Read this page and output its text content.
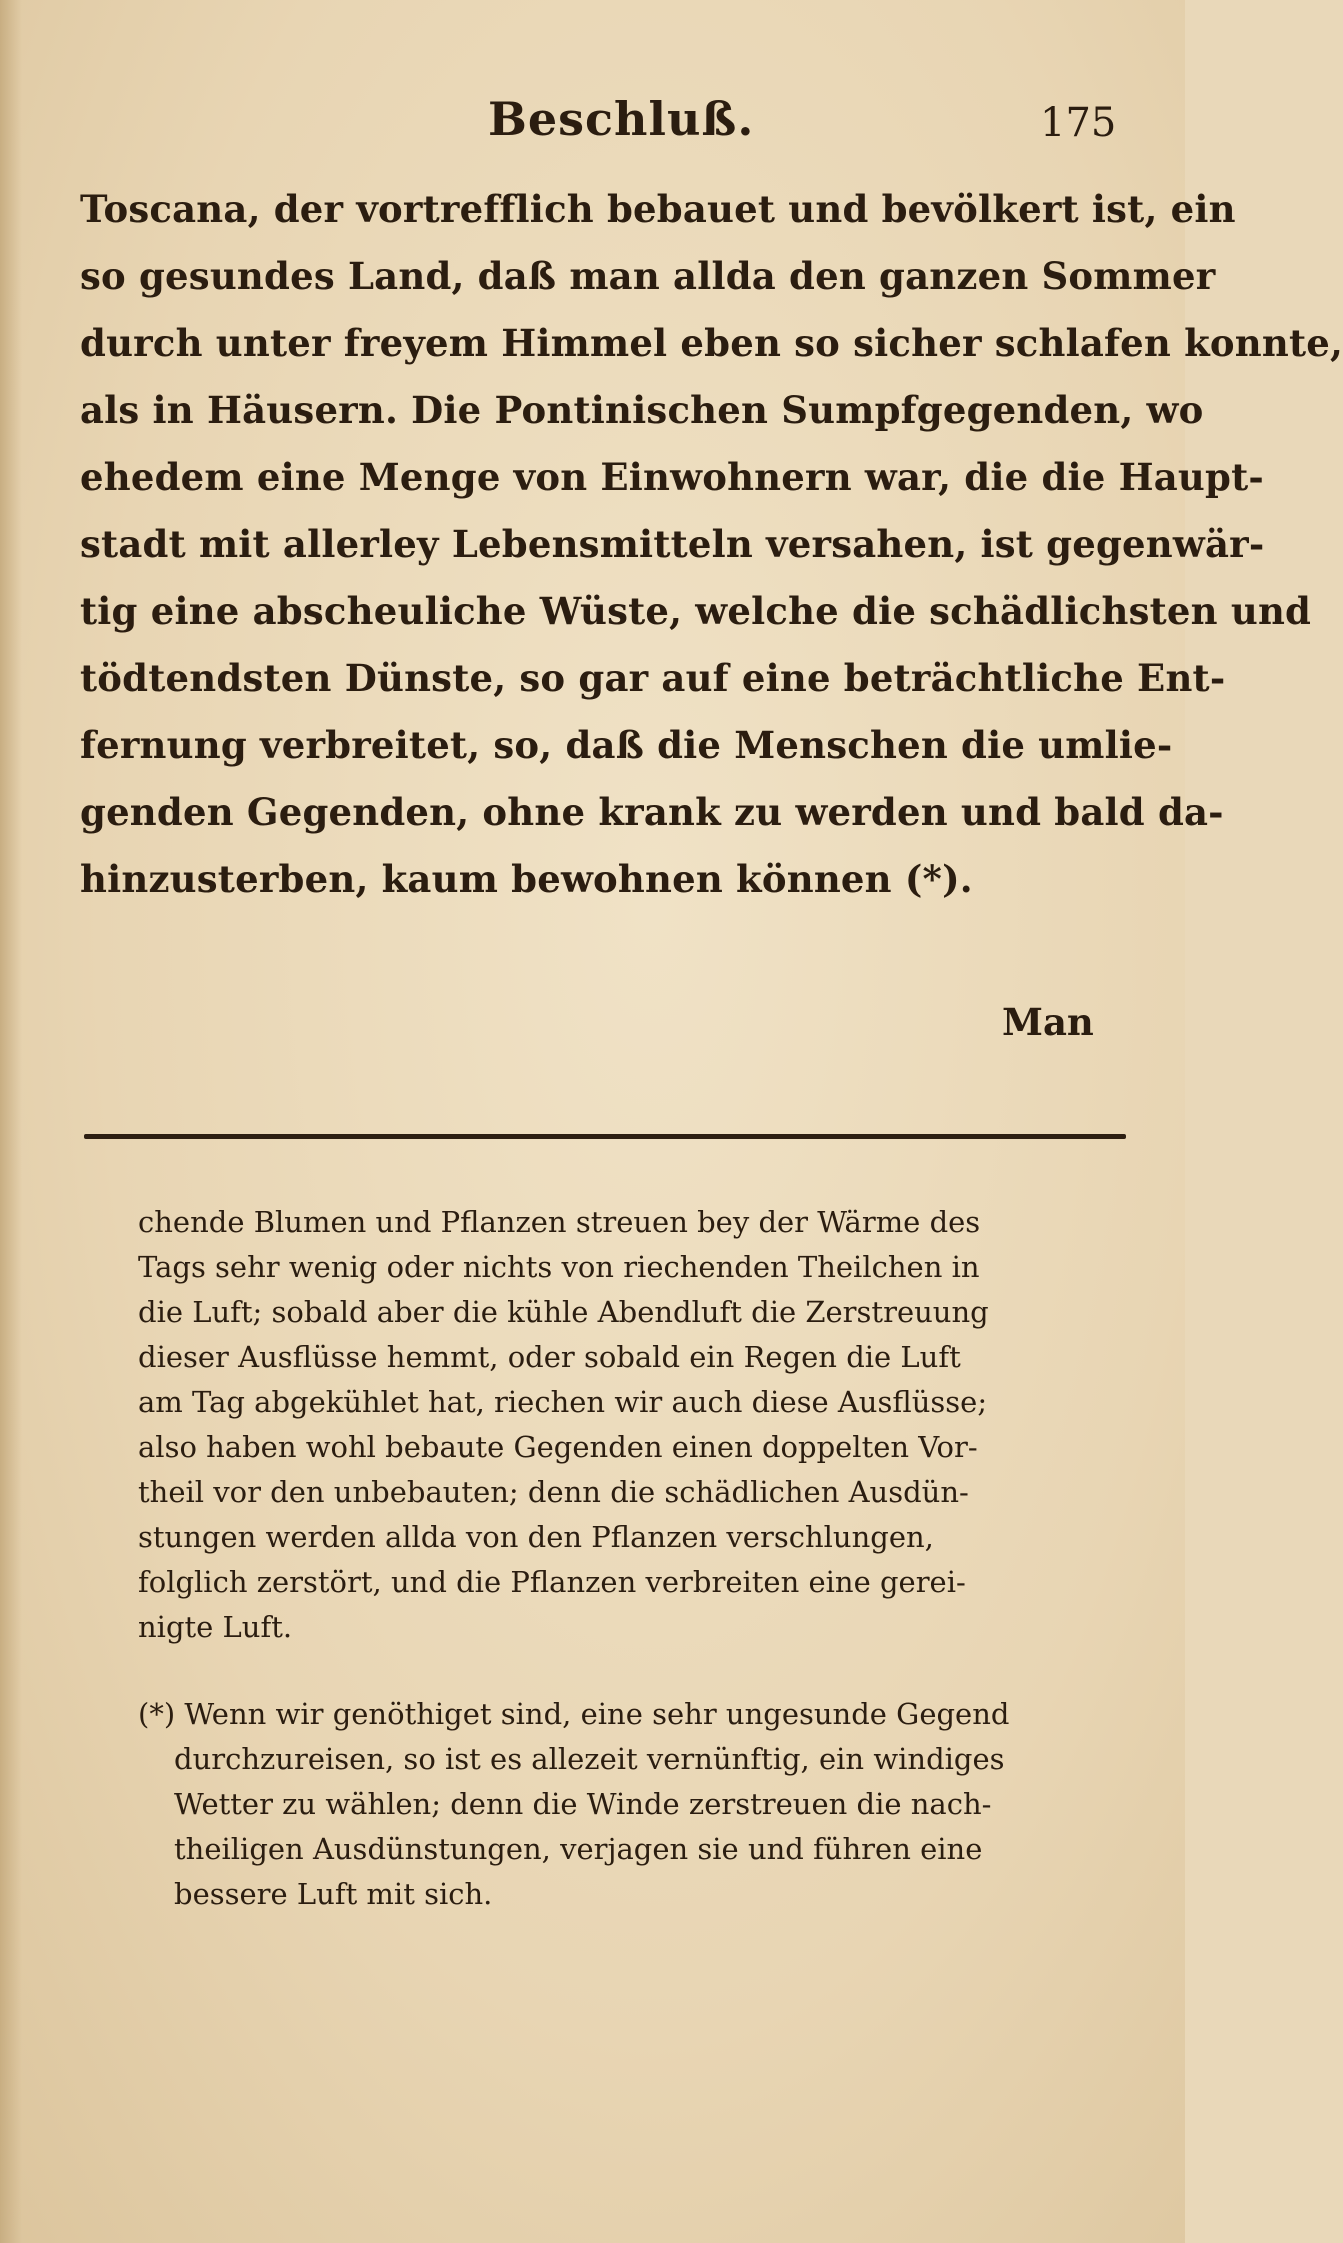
Beschluß.	175
Toscana, der vortrefflich bebauet und bevölkert ist, ein
so gesundes Land, daß man allda den ganzen Sommer
durch unter freyem Himmel eben so sicher schlafen konnte,
als in Häusern. Die Pontinischen Sumpfgegenden, wo
ehedem eine Menge von Einwohnern war, die die Haupt-
stadt mit allerley Lebensmitteln versahen, ist gegenwär-
tig eine abscheuliche Wüste, welche die schädlichsten und
tödtendsten Dünste, so gar auf eine beträchtliche Ent-
fernung verbreitet, so, daß die Menschen die umlie-
genden Gegenden, ohne krank zu werden und bald da-
hinzusterben, kaum bewohnen können (*).
Man
chende Blumen und Pflanzen streuen bey der Wärme des
Tags sehr wenig oder nichts von riechenden Theilchen in
die Luft; sobald aber die kühle Abendluft die Zerstreuung
dieser Ausflüsse hemmt, oder sobald ein Regen die Luft
am Tag abgekühlet hat, riechen wir auch diese Ausflüsse;
also haben wohl bebaute Gegenden einen doppelten Vor-
theil vor den unbebauten; denn die schädlichen Ausdün-
stungen werden allda von den Pflanzen verschlungen,
folglich zerstört, und die Pflanzen verbreiten eine gerei-
nigte Luft.
(*) Wenn wir genöthiget sind, eine sehr ungesunde Gegend
durchzureisen, so ist es allezeit vernünftig, ein windiges
Wetter zu wählen; denn die Winde zerstreuen die nach-
theiligen Ausdünstungen, verjagen sie und führen eine
bessere Luft mit sich.
